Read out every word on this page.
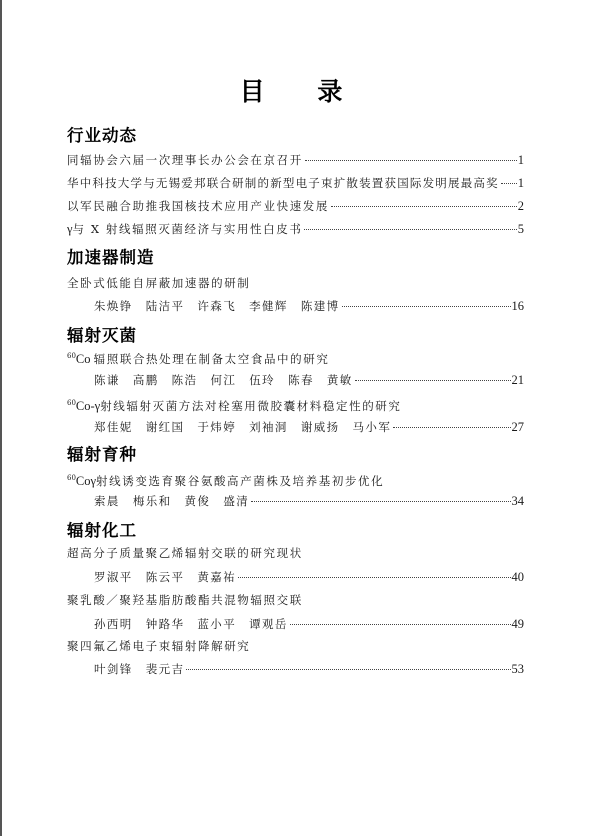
目 录
行业动态
同辐协会六届一次理事长办公会在京召开	1
华中科技大学与无锡爱邦联合研制的新型电子束扩散装置获国际发明展最高奖 1
以军民融合助推我国核技术应用产业快速发展	2
γ与 X 射线辐照灭菌经济与实用性白皮书	5
加速器制造
全卧式低能自屏蔽加速器的研制
朱焕铮 陆洁平 许森飞 李健辉 陈建博	16
辐射灭菌
$^{60}$Co 辐照联合热处理在制备太空食品中的研究
陈谦 高鹏 陈浩 何江 伍玲 陈春 黄敏	21
$^{60}$Co-γ射线辐射灭菌方法对栓塞用微胶囊材料稳定性的研究
郑佳妮 谢红国 于炜婷 刘袖洞 谢威扬 马小军	27
辐射育种
$^{60}$Coγ射线诱变选育聚谷氨酸高产菌株及培养基初步优化
索晨 梅乐和 黄俊 盛清	34
辐射化工
超高分子质量聚乙烯辐射交联的研究现状
罗淑平 陈云平 黄嘉祐	40
聚乳酸／聚羟基脂肪酸酯共混物辐照交联
孙西明 钟路华 蓝小平 谭观岳	49
聚四氟乙烯电子束辐射降解研究
叶剑锋 裴元吉	53
